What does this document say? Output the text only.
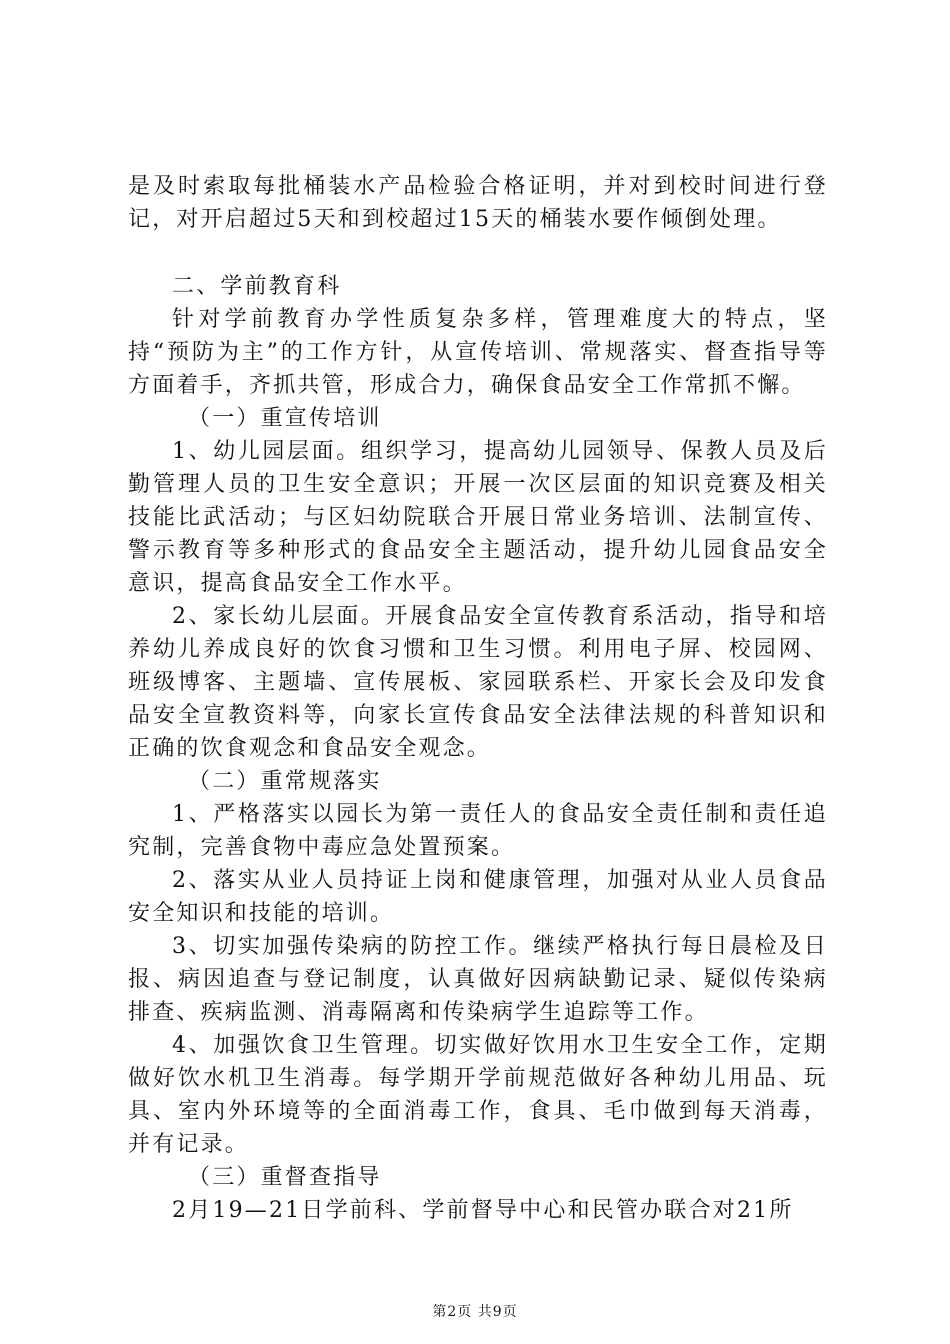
是及时索取每批桶装水产品检验合格证明，并对到校时间进行登记，对开启超过5天和到校超过15天的桶装水要作倾倒处理。

二、学前教育科

针对学前教育办学性质复杂多样，管理难度大的特点，坚持“预防为主”的工作方针，从宣传培训、常规落实、督查指导等方面着手，齐抓共管，形成合力，确保食品安全工作常抓不懈。

（一）重宣传培训

1、幼儿园层面。组织学习，提高幼儿园领导、保教人员及后勤管理人员的卫生安全意识；开展一次区层面的知识竞赛及相关技能比武活动；与区妇幼院联合开展日常业务培训、法制宣传、警示教育等多种形式的食品安全主题活动，提升幼儿园食品安全意识，提高食品安全工作水平。

2、家长幼儿层面。开展食品安全宣传教育系活动，指导和培养幼儿养成良好的饮食习惯和卫生习惯。利用电子屏、校园网、班级博客、主题墙、宣传展板、家园联系栏、开家长会及印发食品安全宣教资料等，向家长宣传食品安全法律法规的科普知识和正确的饮食观念和食品安全观念。

（二）重常规落实

1、严格落实以园长为第一责任人的食品安全责任制和责任追究制，完善食物中毒应急处置预案。

2、落实从业人员持证上岗和健康管理，加强对从业人员食品安全知识和技能的培训。

3、切实加强传染病的防控工作。继续严格执行每日晨检及日报、病因追查与登记制度，认真做好因病缺勤记录、疑似传染病排查、疾病监测、消毒隔离和传染病学生追踪等工作。

4、加强饮食卫生管理。切实做好饮用水卫生安全工作，定期做好饮水机卫生消毒。每学期开学前规范做好各种幼儿用品、玩具、室内外环境等的全面消毒工作，食具、毛巾做到每天消毒，并有记录。

（三）重督查指导

2月19—21日学前科、学前督导中心和民管办联合对21所

第2页 共9页
